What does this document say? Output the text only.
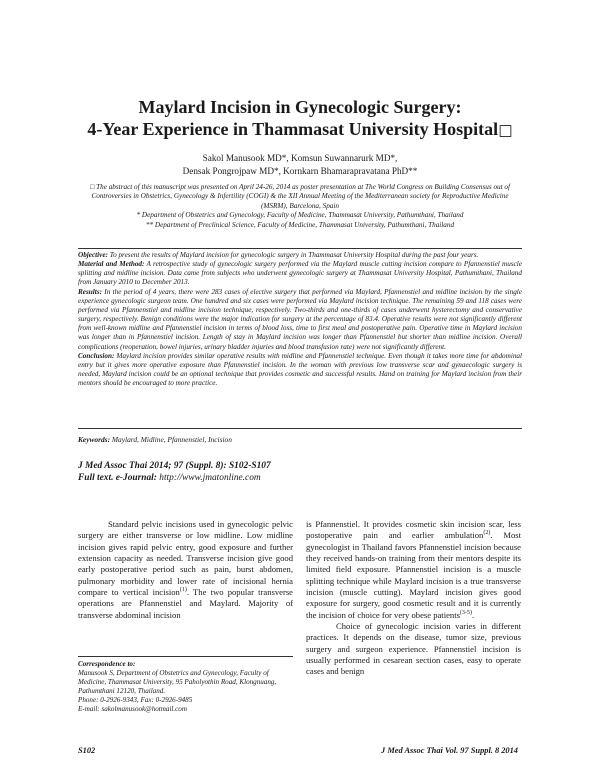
Maylard Incision in Gynecologic Surgery:
4-Year Experience in Thammasat University Hospital□
Sakol Manusook MD*, Komsun Suwannarurk MD*,
Densak Pongrojpaw MD*, Kornkarn Bhamarapravatana PhD**

□ The abstract of this manuscript was presented on April 24-26, 2014 as poster presentation at The World Congress on Building Consensus out of Controversies in Obstetrics, Gynecology & Infertility (COGI) & the XII Annual Meeting of the Mediterranean society for Reproductive Medicine (MSRM), Barcelona, Spain

* Department of Obstetrics and Gynecology, Faculty of Medicine, Thammasat University, Pathumthani, Thailand

** Department of Preclinical Science, Faculty of Medicine, Thammasat University, Pathumthani, Thailand

Objective: To present the results of Maylard incision for gynecologic surgery in Thammasat University Hospital during the past four years.

Material and Method: A retrospective study of gynecologic surgery performed via the Maylard muscle cutting incision compare to Pfannenstiel muscle splitting and midline incision. Data came from subjects who underwent gynecologic surgery at Thammasat University Hospital, Pathumthani, Thailand from January 2010 to December 2013.

Results: In the period of 4 years, there were 283 cases of elective surgery that performed via Maylard, Pfannenstiel and midline incision by the single experience gynecologic surgeon team. One hundred and six cases were performed via Maylard incision technique. The remaining 59 and 118 cases were performed via Pfannenstiel and midline incision technique, respectively. Two-thirds and one-thirds of cases underwent hysterectomy and conservative surgery, respectively. Benign conditions were the major indication for surgery at the percentage of 83.4. Operative results were not significantly different from well-known midline and Pfannenstiel incision in terms of blood loss, time to first meal and postoperative pain. Operative time in Maylard incision was longer than in Pfannenstiel incision. Length of stay in Maylard incision was longer than Pfannenstiel but shorter than midline incision. Overall complications (reoperation, bowel injuries, urinary bladder injuries and blood transfusion rate) were not significantly different.

Conclusion: Maylard incision provides similar operative results with midline and Pfannenstiel technique. Even though it takes more time for abdominal entry but it gives more operative exposure than Pfannenstiel incision. In the woman with previous low transverse scar and gynaecologic surgery is needed, Maylard incision could be an optional technique that provides cosmetic and successful results. Hand on training for Maylard incision from their mentors should be encouraged to more practice.

Keywords: Maylard, Midline, Pfannenstiel, Incision
J Med Assoc Thai 2014; 97 (Suppl. 8): S102-S107
Full text. e-Journal: http://www.jmatonline.com

Standard pelvic incisions used in gynecologic pelvic surgery are either transverse or low midline. Low midline incision gives rapid pelvic entry, good exposure and further extension capacity as needed. Transverse incision give good early postoperative period such as pain, burst abdomen, pulmonary morbidity and lower rate of incisional hernia compare to vertical incision$^{(1)}$. The two popular transverse operations are Pfannenstiel and Maylard. Majority of transverse abdominal incision

Correspondence to:
Manusook S, Department of Obstetrics and Gynecology, Faculty of Medicine, Thammasat University, 95 Paholyothin Road, Klongnuang, Pathumthani 12120, Thailand.
Phone: 0-2926-9343, Fax: 0-2926-9485
E-mail: sakolmanusook@hotmail.com

is Pfannenstiel. It provides cosmetic skin incision scar, less postoperative pain and earlier ambulation$^{(2)}$. Most gynecologist in Thailand favors Pfannenstiel incision because they received hands-on training from their mentors despite its limited field exposure. Pfannenstiel incision is a muscle splitting technique while Maylard incision is a true transverse incision (muscle cutting). Maylard incision gives good exposure for surgery, good cosmetic result and it is currently the incision of choice for very obese patients$^{(3-5)}$.

Choice of gynecologic incision varies in different practices. It depends on the disease, tumor size, previous surgery and surgeon experience. Pfannenstiel incision is usually performed in cesarean section cases, easy to operate cases and benign

S102	J Med Assoc Thai Vol. 97 Suppl. 8 2014
